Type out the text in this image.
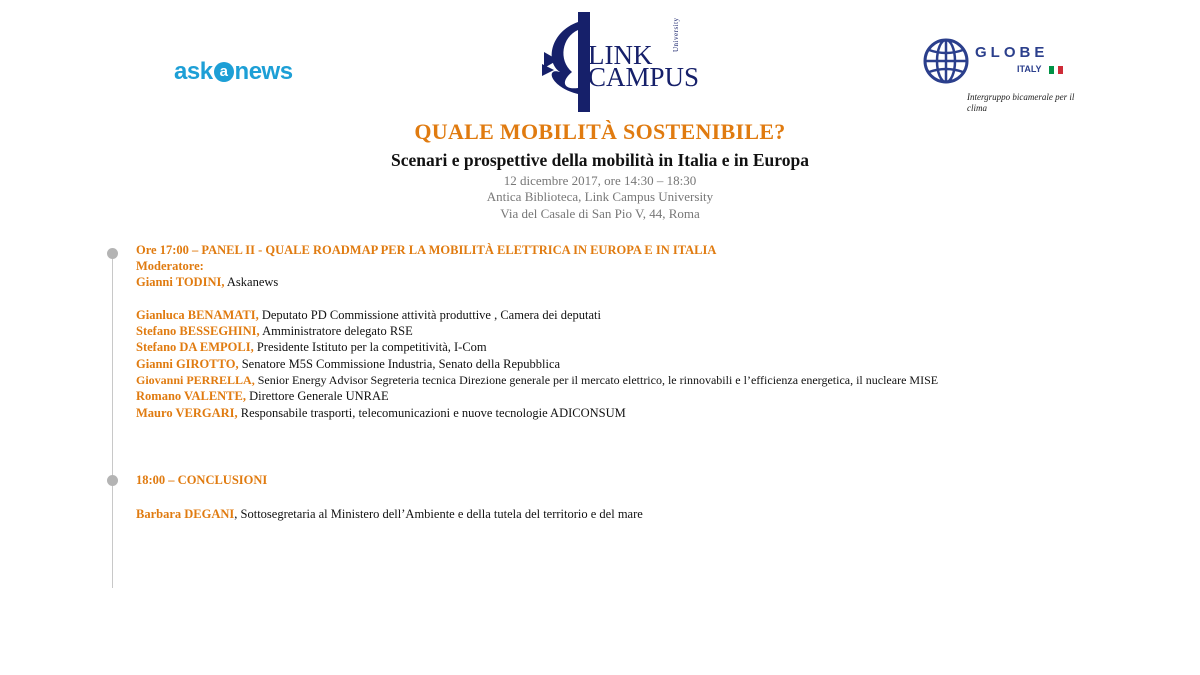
ask a news
LINK
CAMPUS
University
GLOBE
ITALY
Intergruppo bicamerale per il clima
QUALE MOBILITÀ SOSTENIBILE?
Scenari e prospettive della mobilità in Italia e in Europa
12 dicembre 2017, ore 14:30 – 18:30
Antica Biblioteca, Link Campus University
Via del Casale di San Pio V, 44, Roma
Ore 17:00 – PANEL II - QUALE ROADMAP PER LA MOBILITÀ ELETTRICA IN EUROPA E IN ITALIA
Moderatore:
Gianni TODINI, Askanews
Gianluca BENAMATI, Deputato PD Commissione attività produttive , Camera dei deputati
Stefano BESSEGHINI, Amministratore delegato RSE
Stefano DA EMPOLI, Presidente Istituto per la competitività, I-Com
Gianni GIROTTO, Senatore M5S Commissione Industria, Senato della Repubblica
Giovanni PERRELLA, Senior Energy Advisor Segreteria tecnica Direzione generale per il mercato elettrico, le rinnovabili e l’efficienza energetica, il nucleare MISE
Romano VALENTE, Direttore Generale UNRAE
Mauro VERGARI, Responsabile trasporti, telecomunicazioni e nuove tecnologie ADICONSUM
18:00 – CONCLUSIONI
Barbara DEGANI, Sottosegretaria al Ministero dell’Ambiente e della tutela del territorio e del mare
